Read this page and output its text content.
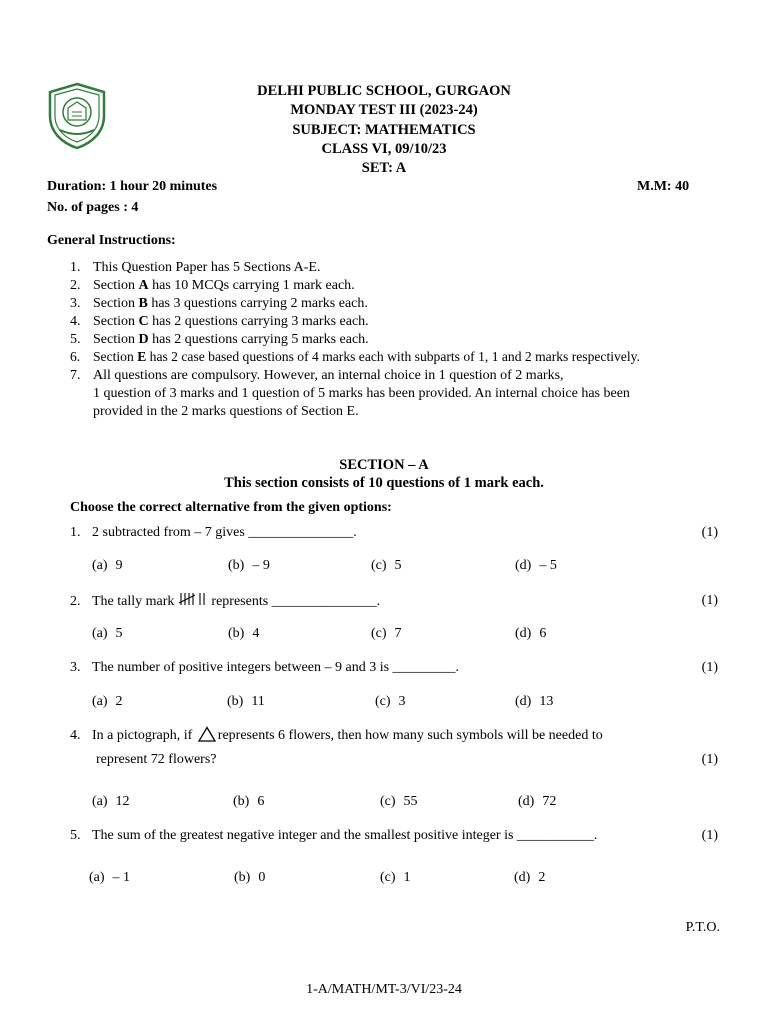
DELHI PUBLIC SCHOOL, GURGAON
MONDAY TEST III (2023-24)
SUBJECT: MATHEMATICS
CLASS VI, 09/10/23
SET: A
Duration: 1 hour 20 minutes	M.M: 40
No. of pages : 4
General Instructions:
1. This Question Paper has 5 Sections A-E.
2. Section A has 10 MCQs carrying 1 mark each.
3. Section B has 3 questions carrying 2 marks each.
4. Section C has 2 questions carrying 3 marks each.
5. Section D has 2 questions carrying 5 marks each.
6. Section E has 2 case based questions of 4 marks each with subparts of 1, 1 and 2 marks respectively.
7. All questions are compulsory. However, an internal choice in 1 question of 2 marks,
1 question of 3 marks and 1 question of 5 marks has been provided. An internal choice has been
provided in the 2 marks questions of Section E.
SECTION – A
This section consists of 10 questions of 1 mark each.
Choose the correct alternative from the given options:
1. 2 subtracted from – 7 gives _______________.	(1)
(a) 9	(b) – 9	(c) 5	(d) – 5
2. The tally mark	represents _______________.	(1)
(a) 5	(b) 4	(c) 7	(d) 6
3. The number of positive integers between – 9 and 3 is _________.	(1)
(a) 2	(b) 11	(c) 3	(d) 13
4. In a pictograph, if represents 6 flowers, then how many such symbols will be needed to
represent 72 flowers?	(1)
(a) 12	(b) 6	(c) 55	(d) 72
5. The sum of the greatest negative integer and the smallest positive integer is ___________.	(1)
(a) – 1	(b) 0	(c) 1	(d) 2
P.T.O.
1-A/MATH/MT-3/VI/23-24
